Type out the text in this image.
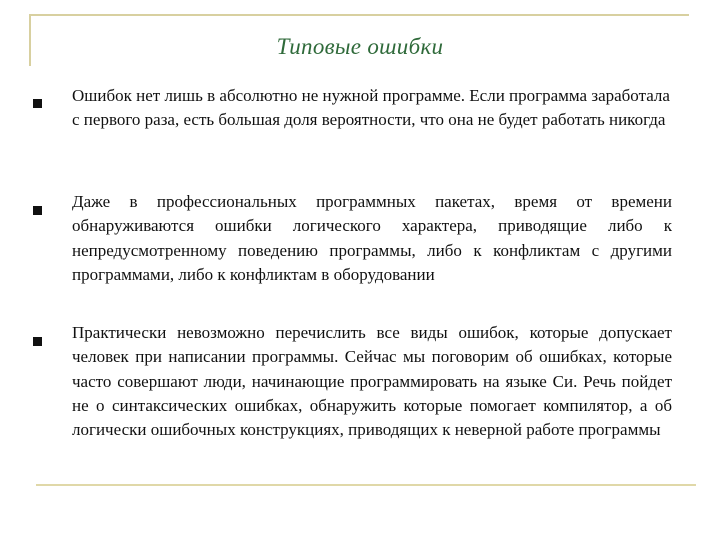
Типовые ошибки
Ошибок нет лишь в абсолютно не нужной программе. Если программа заработала с первого раза, есть большая доля вероятности, что она не будет работать никогда
Даже в профессиональных программных пакетах, время от времени обнаруживаются ошибки логического характера, приводящие либо к непредусмотренному поведению программы, либо к конфликтам с другими программами, либо к конфликтам в оборудовании
Практически невозможно перечислить все виды ошибок, которые допускает человек при написании программы. Сейчас мы поговорим об ошибках, которые часто совершают люди, начинающие программировать на языке Си. Речь пойдет не о синтаксических ошибках, обнаружить которые помогает компилятор, а об логически ошибочных конструкциях, приводящих к неверной работе программы
